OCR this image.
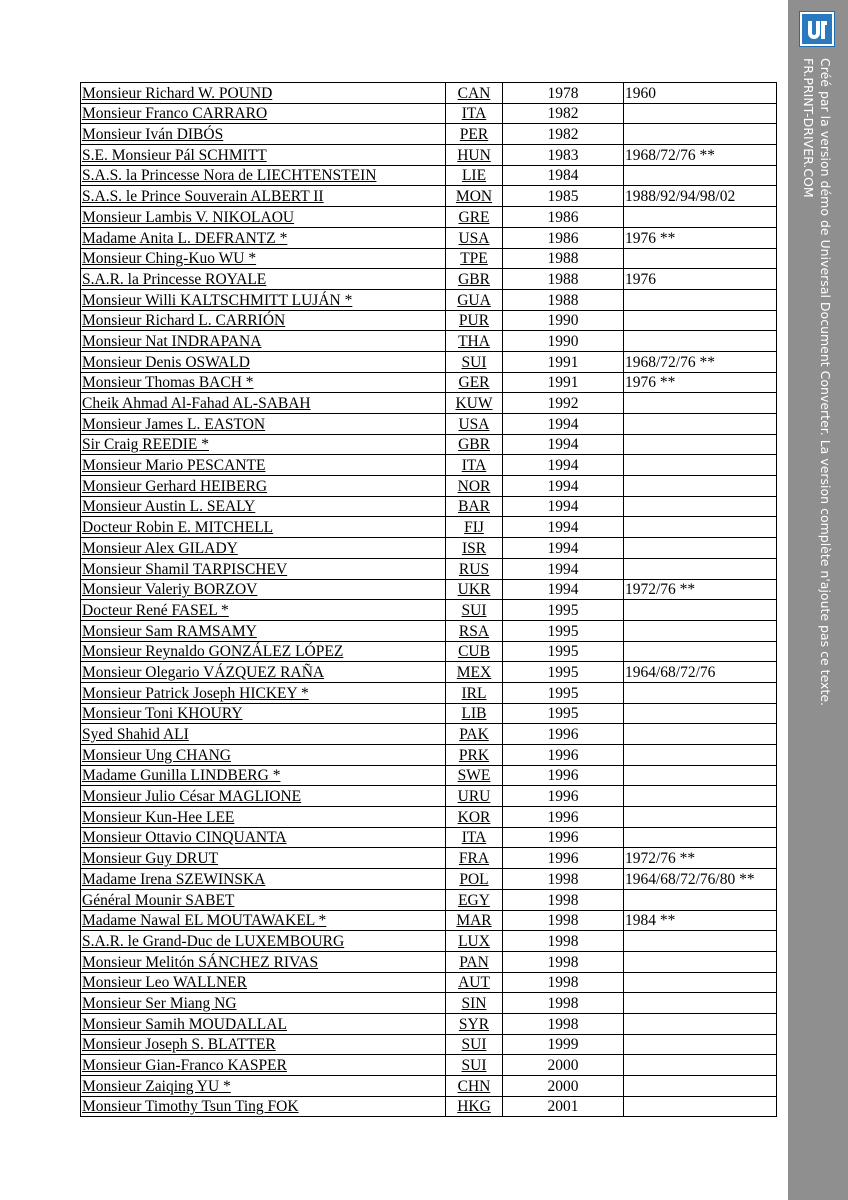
Monsieur Richard W. POUND	CAN	1978	1960
Monsieur Franco CARRARO	ITA	1982	
Monsieur Iván DIBÓS	PER	1982	
S.E. Monsieur Pál SCHMITT	HUN	1983	1968/72/76 **
S.A.S. la Princesse Nora de LIECHTENSTEIN	LIE	1984	
S.A.S. le Prince Souverain ALBERT II	MON	1985	1988/92/94/98/02
Monsieur Lambis V. NIKOLAOU	GRE	1986	
Madame Anita L. DEFRANTZ *	USA	1986	1976 **
Monsieur Ching-Kuo WU *	TPE	1988	
S.A.R. la Princesse ROYALE	GBR	1988	1976
Monsieur Willi KALTSCHMITT LUJÁN *	GUA	1988	
Monsieur Richard L. CARRIÓN	PUR	1990	
Monsieur Nat INDRAPANA	THA	1990	
Monsieur Denis OSWALD	SUI	1991	1968/72/76 **
Monsieur Thomas BACH *	GER	1991	1976 **
Cheik Ahmad Al-Fahad AL-SABAH	KUW	1992	
Monsieur James L. EASTON	USA	1994	
Sir Craig REEDIE *	GBR	1994	
Monsieur Mario PESCANTE	ITA	1994	
Monsieur Gerhard HEIBERG	NOR	1994	
Monsieur Austin L. SEALY	BAR	1994	
Docteur Robin E. MITCHELL	FIJ	1994	
Monsieur Alex GILADY	ISR	1994	
Monsieur Shamil TARPISCHEV	RUS	1994	
Monsieur Valeriy BORZOV	UKR	1994	1972/76 **
Docteur René FASEL *	SUI	1995	
Monsieur Sam RAMSAMY	RSA	1995	
Monsieur Reynaldo GONZÁLEZ LÓPEZ	CUB	1995	
Monsieur Olegario VÁZQUEZ RAÑA	MEX	1995	1964/68/72/76
Monsieur Patrick Joseph HICKEY *	IRL	1995	
Monsieur Toni KHOURY	LIB	1995	
Syed Shahid ALI	PAK	1996	
Monsieur Ung CHANG	PRK	1996	
Madame Gunilla LINDBERG *	SWE	1996	
Monsieur Julio César MAGLIONE	URU	1996	
Monsieur Kun-Hee LEE	KOR	1996	
Monsieur Ottavio CINQUANTA	ITA	1996	
Monsieur Guy DRUT	FRA	1996	1972/76 **
Madame Irena SZEWINSKA	POL	1998	1964/68/72/76/80 **
Général Mounir SABET	EGY	1998	
Madame Nawal EL MOUTAWAKEL *	MAR	1998	1984 **
S.A.R. le Grand-Duc de LUXEMBOURG	LUX	1998	
Monsieur Melitón SÁNCHEZ RIVAS	PAN	1998	
Monsieur Leo WALLNER	AUT	1998	
Monsieur Ser Miang NG	SIN	1998	
Monsieur Samih MOUDALLAL	SYR	1998	
Monsieur Joseph S. BLATTER	SUI	1999	
Monsieur Gian-Franco KASPER	SUI	2000	
Monsieur Zaiqing YU *	CHN	2000	
Monsieur Timothy Tsun Ting FOK	HKG	2001	
Créé par la version démo de Universal Document Converter. La version complète n'ajoute pas ce texte.
FR.PRINT-DRIVER.COM
